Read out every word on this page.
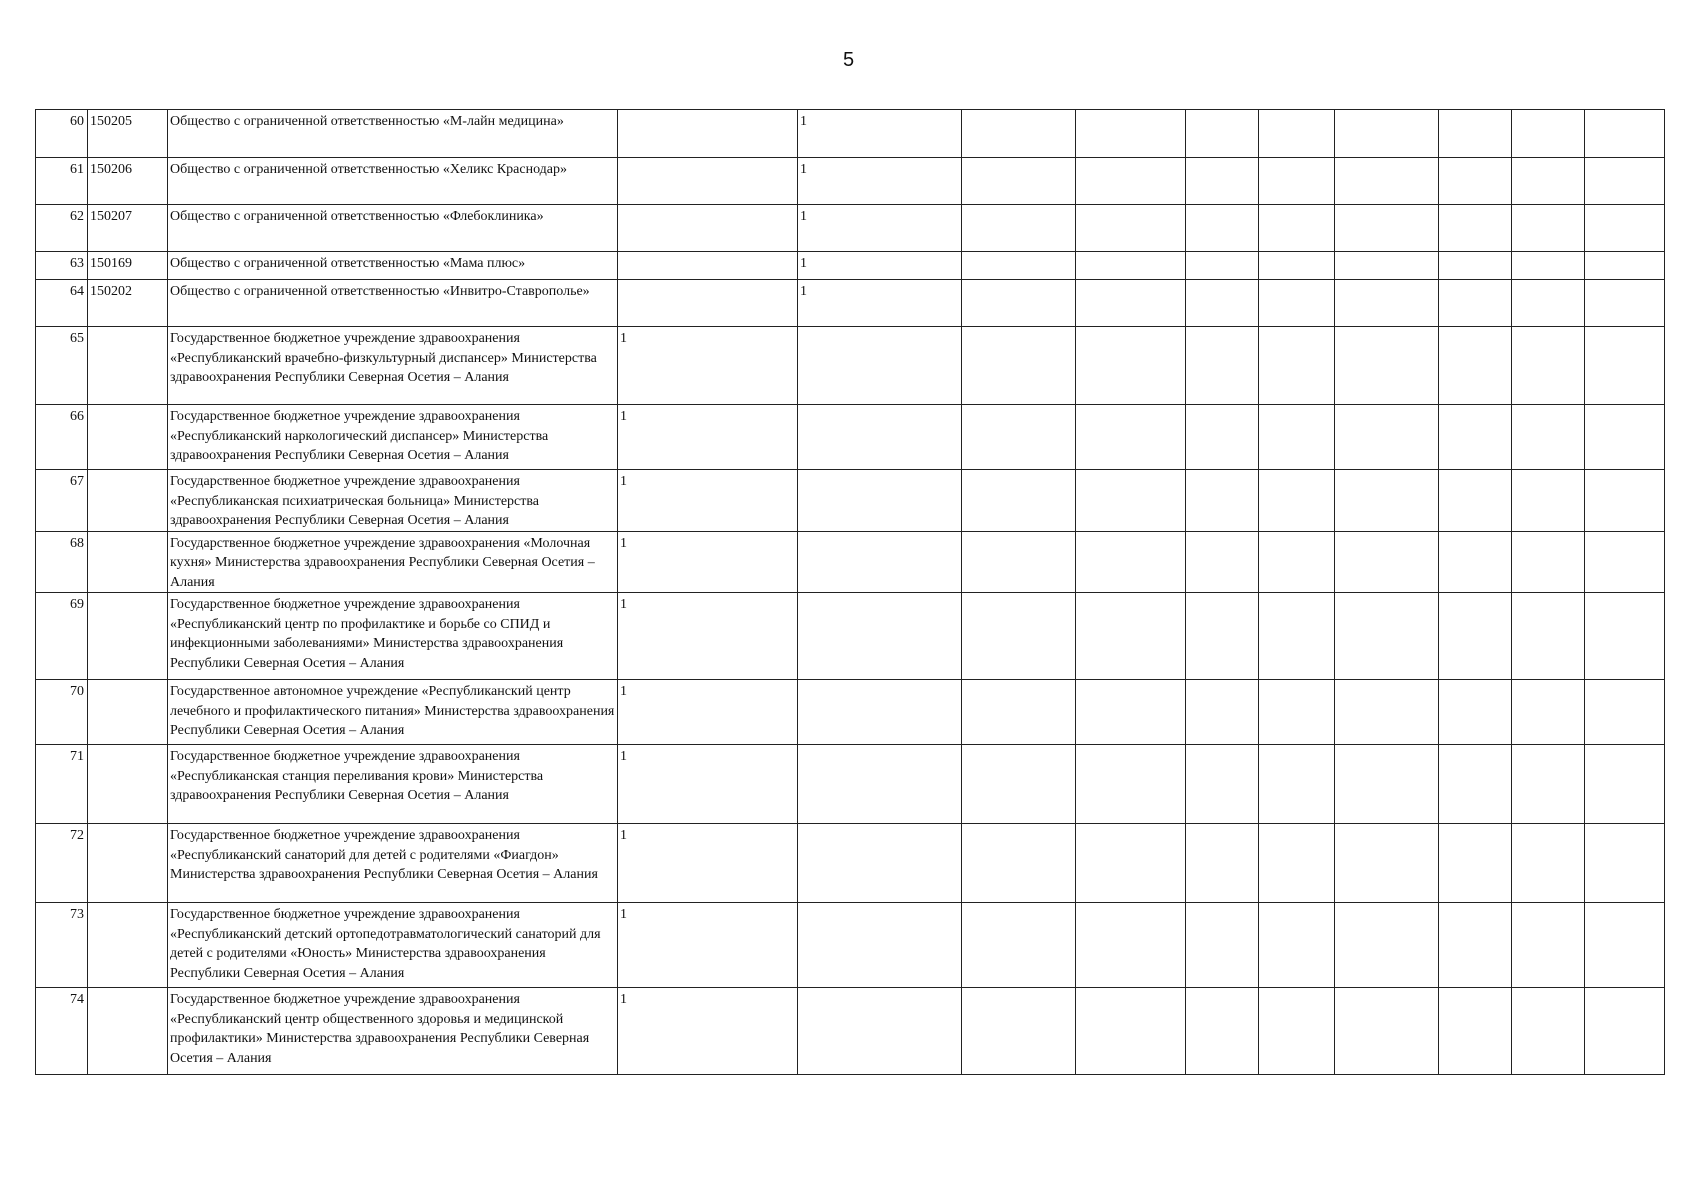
5
60	150205	Общество с ограниченной ответственностью «М-лайн медицина»		1								
61	150206	Общество с ограниченной ответственностью «Хеликс Краснодар»		1								
62	150207	Общество с ограниченной ответственностью «Флебоклиника»		1								
63	150169	Общество с ограниченной ответственностью «Мама плюс»		1								
64	150202	Общество с ограниченной ответственностью «Инвитро-Ставрополье»		1								
65		Государственное бюджетное учреждение здравоохранения «Республиканский врачебно-физкультурный диспансер» Министерства здравоохранения Республики Северная Осетия – Алания	1									
66		Государственное бюджетное учреждение здравоохранения «Республиканский наркологический диспансер» Министерства здравоохранения Республики Северная Осетия – Алания	1									
67		Государственное бюджетное учреждение здравоохранения «Республиканская психиатрическая больница» Министерства здравоохранения Республики Северная Осетия – Алания	1									
68		Государственное бюджетное учреждение здравоохранения «Молочная кухня» Министерства здравоохранения Республики Северная Осетия – Алания	1									
69		Государственное бюджетное учреждение здравоохранения «Республиканский центр по профилактике и борьбе со СПИД и инфекционными заболеваниями» Министерства здравоохранения Республики Северная Осетия – Алания	1									
70		Государственное автономное учреждение «Республиканский центр лечебного и профилактического питания» Министерства здравоохранения Республики Северная Осетия – Алания	1									
71		Государственное бюджетное учреждение здравоохранения «Республиканская станция переливания крови» Министерства здравоохранения Республики Северная Осетия – Алания	1									
72		Государственное бюджетное учреждение здравоохранения «Республиканский санаторий для детей с родителями «Фиагдон» Министерства здравоохранения Республики Северная Осетия – Алания	1									
73		Государственное бюджетное учреждение здравоохранения «Республиканский детский ортопедотравматологический санаторий для детей с родителями «Юность» Министерства здравоохранения Республики Северная Осетия – Алания	1									
74		Государственное бюджетное учреждение здравоохранения «Республиканский центр общественного здоровья и медицинской профилактики» Министерства здравоохранения Республики Северная Осетия – Алания	1									
